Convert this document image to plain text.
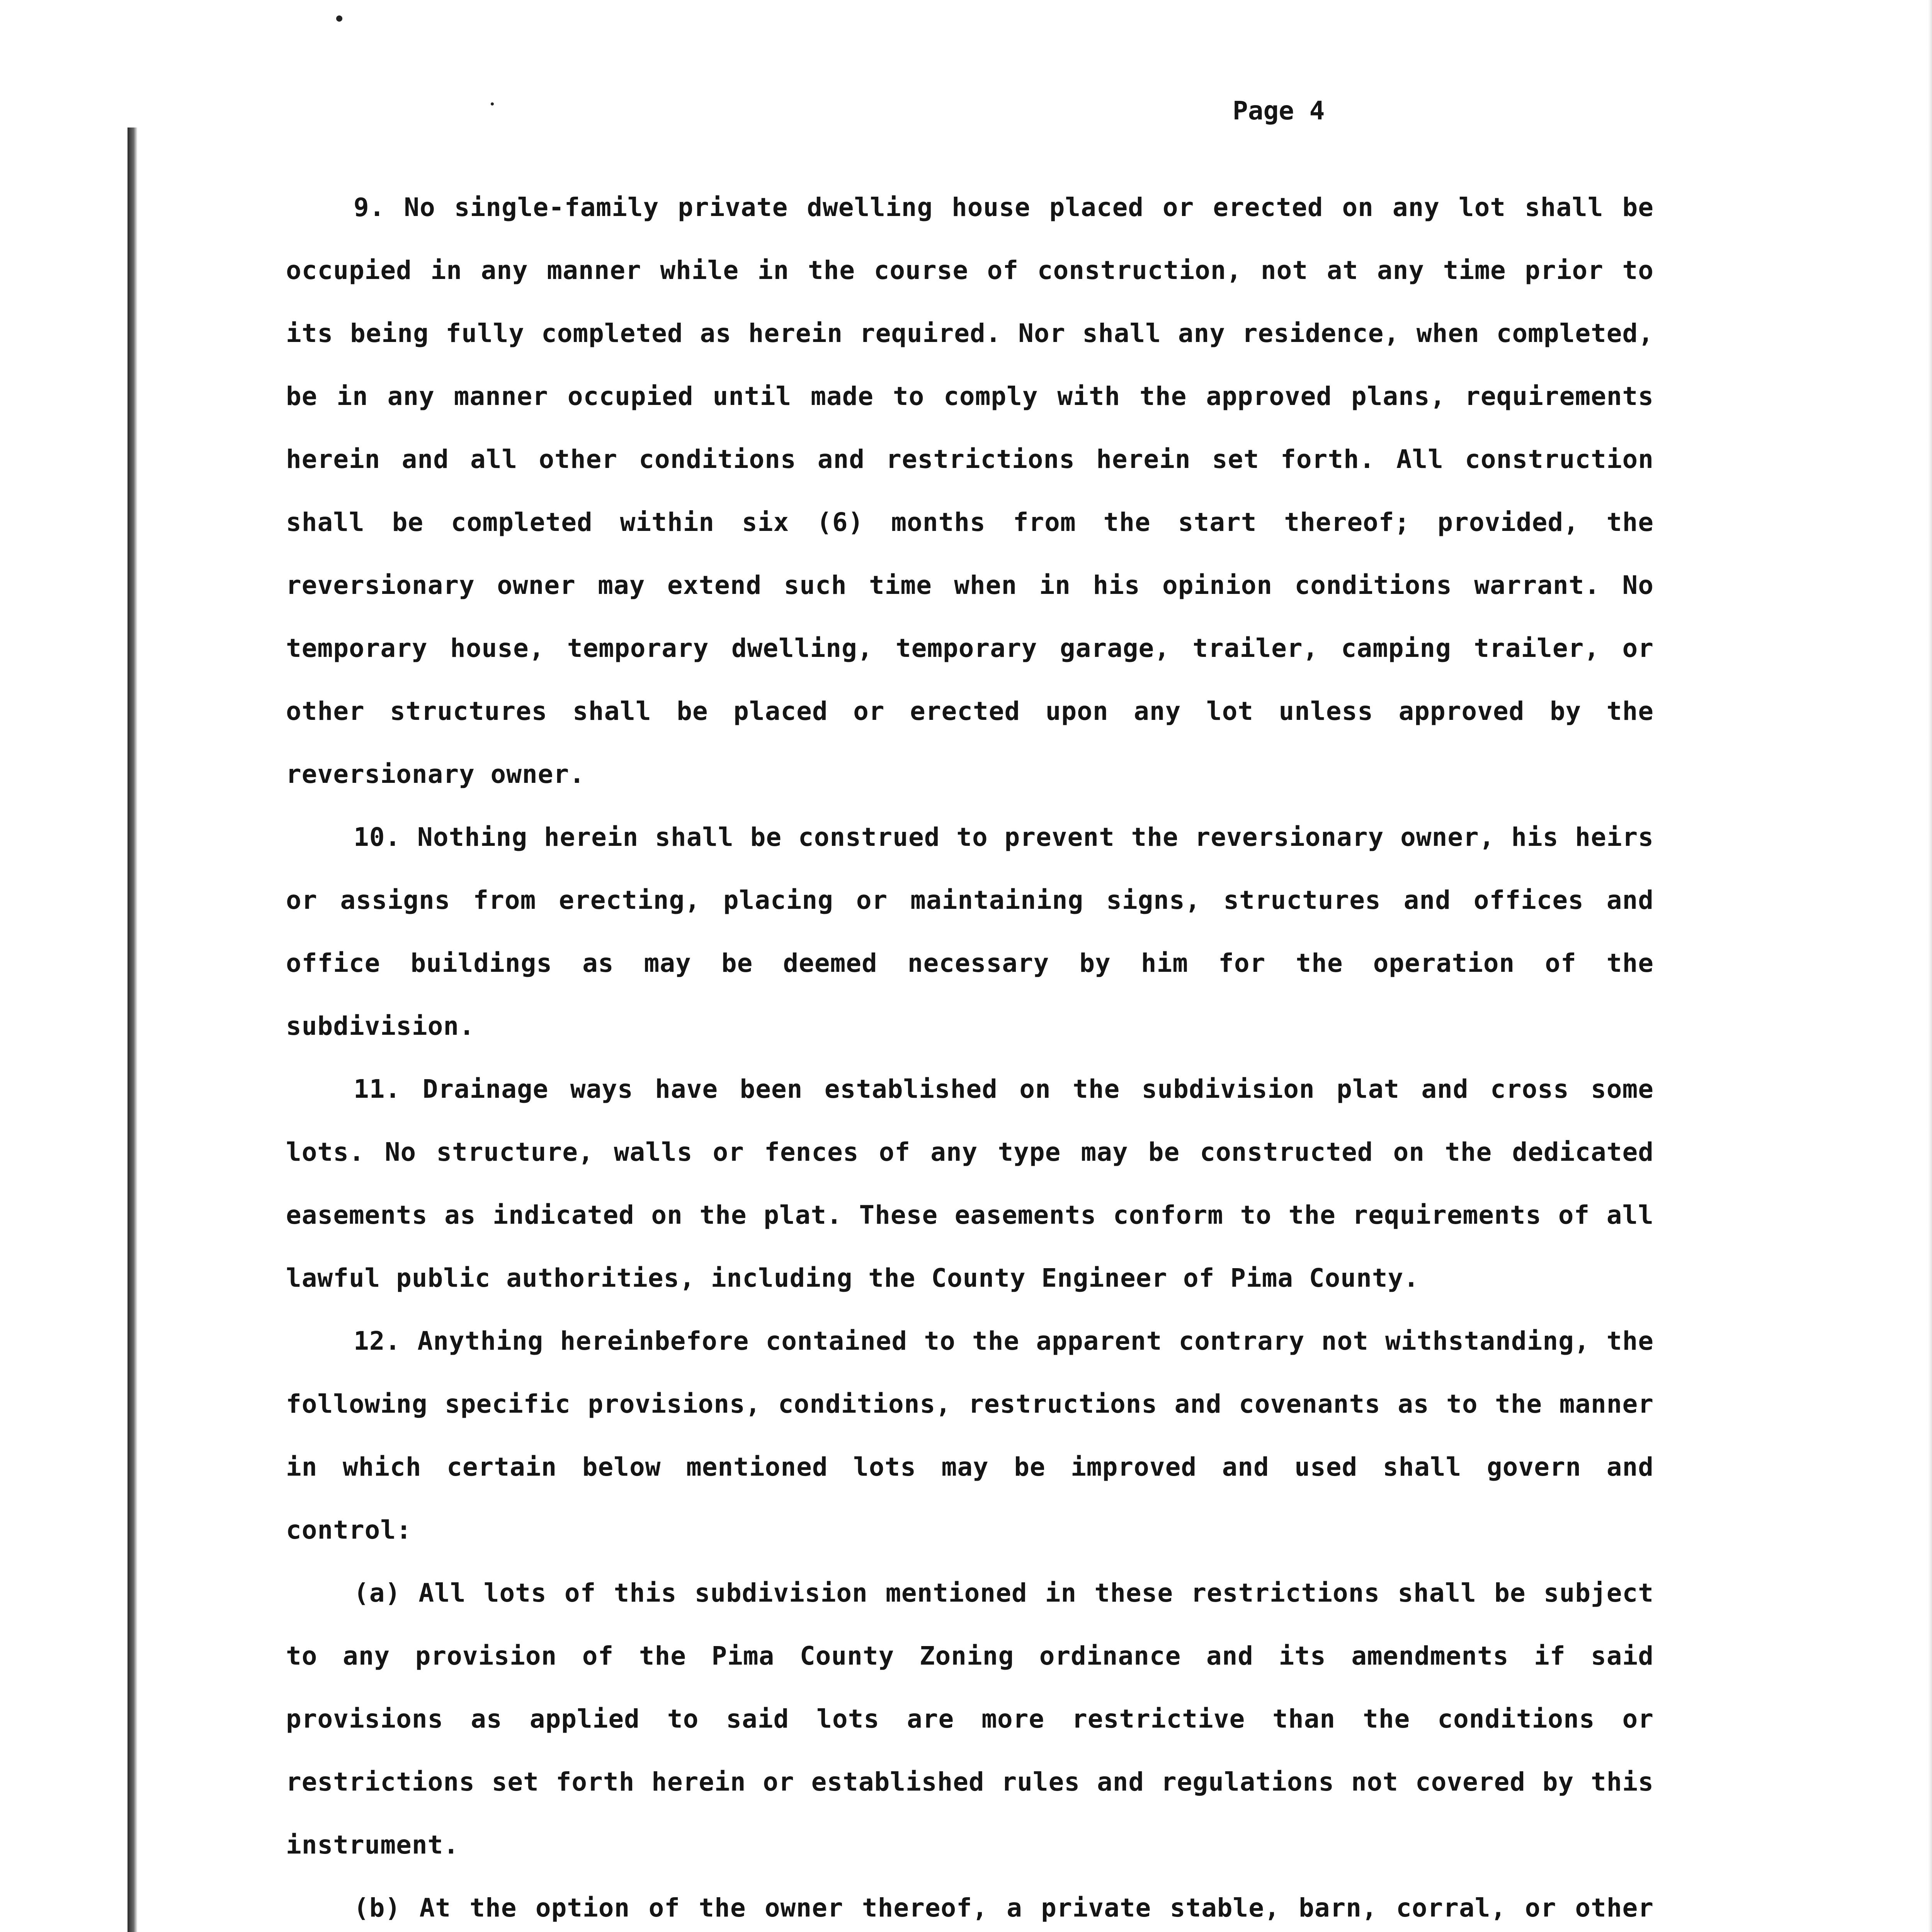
Page 4

9. No single-family private dwelling house placed or erected on any lot shall be occupied in any manner while in the course of construction, not at any time prior to its being fully completed as herein required. Nor shall any residence, when completed, be in any manner occupied until made to comply with the approved plans, requirements herein and all other conditions and restrictions herein set forth. All construction shall be completed within six (6) months from the start thereof; provided, the reversionary owner may extend such time when in his opinion conditions warrant. No temporary house, temporary dwelling, temporary garage, trailer, camping trailer, or other structures shall be placed or erected upon any lot unless approved by the reversionary owner.

10. Nothing herein shall be construed to prevent the reversionary owner, his heirs or assigns from erecting, placing or maintaining signs, structures and offices and office buildings as may be deemed necessary by him for the operation of the subdivision.

11. Drainage ways have been established on the subdivision plat and cross some lots. No structure, walls or fences of any type may be constructed on the dedicated easements as indicated on the plat. These easements conform to the requirements of all lawful public authorities, including the County Engineer of Pima County.

12. Anything hereinbefore contained to the apparent contrary not withstanding, the following specific provisions, conditions, restructions and covenants as to the manner in which certain below mentioned lots may be improved and used shall govern and control:

(a) All lots of this subdivision mentioned in these restrictions shall be subject to any provision of the Pima County Zoning ordinance and its amendments if said provisions as applied to said lots are more restrictive than the conditions or restrictions set forth herein or established rules and regulations not covered by this instrument.

(b) At the option of the owner thereof, a private stable, barn, corral, or other
